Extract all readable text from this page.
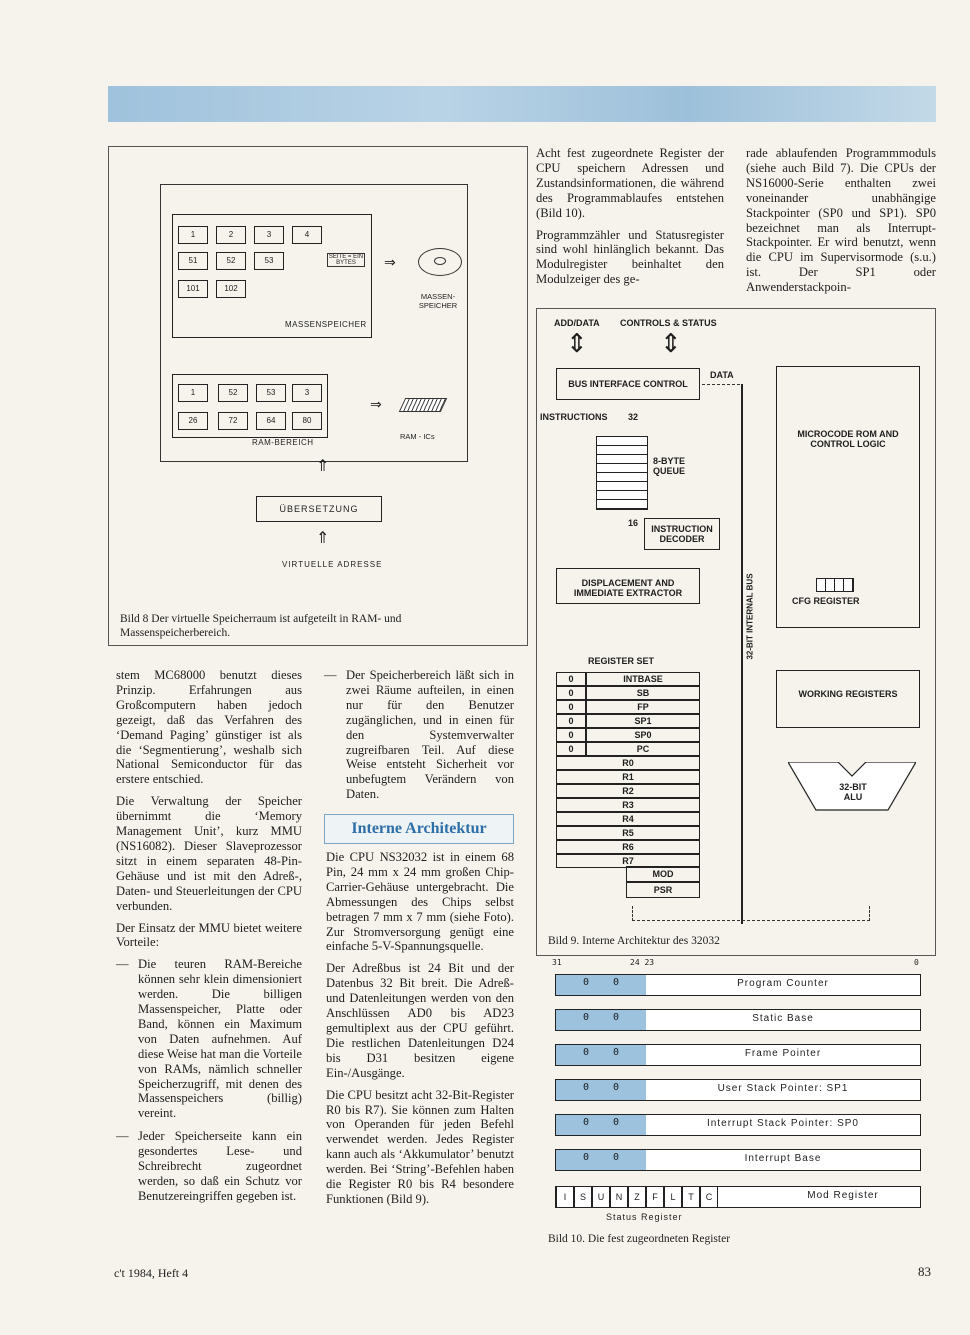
1	2	3	4
51	52	53
101	102
SEITE = EIN BYTES
MASSENSPEICHER
⇒
MASSEN-SPEICHER
1	52	53	3
26	72	64	80
RAM-BEREICH
⇒
RAM - ICs
⇑
ÜBERSETZUNG
⇑
VIRTUELLE ADRESSE
Bild 8 Der virtuelle Speicherraum ist aufgeteilt in RAM- und Massenspeicherbereich.

stem MC68000 benutzt dieses Prinzip. Erfahrungen aus Großcomputern haben jedoch gezeigt, daß das Verfahren des ‘Demand Paging’ günstiger ist als die ‘Segmentierung’, weshalb sich National Semiconductor für das erstere entschied.

Die Verwaltung der Speicher übernimmt die ‘Memory Management Unit’, kurz MMU (NS16082). Dieser Slaveprozessor sitzt in einem separaten 48-Pin-Gehäuse und ist mit den Adreß-, Daten- und Steuerleitungen der CPU verbunden.

Der Einsatz der MMU bietet weitere Vorteile:

— Die teuren RAM-Bereiche können sehr klein dimensioniert werden. Die billigen Massenspeicher, Platte oder Band, können ein Maximum von Daten aufnehmen. Auf diese Weise hat man die Vorteile von RAMs, nämlich schneller Speicherzugriff, mit denen des Massenspeichers (billig) vereint.

— Jeder Speicherseite kann ein gesondertes Lese- und Schreibrecht zugeordnet werden, so daß ein Schutz vor Benutzereingriffen gegeben ist.

— Der Speicherbereich läßt sich in zwei Räume aufteilen, in einen nur für den Benutzer zugänglichen, und in einen für den Systemverwalter zugreifbaren Teil. Auf diese Weise entsteht Sicherheit vor unbefugtem Verändern von Daten.

Interne Architektur

Die CPU NS32032 ist in einem 68 Pin, 24 mm x 24 mm großen Chip-Carrier-Gehäuse untergebracht. Die Abmessungen des Chips selbst betragen 7 mm x 7 mm (siehe Foto). Zur Stromversorgung genügt eine einfache 5-V-Spannungsquelle.

Der Adreßbus ist 24 Bit und der Datenbus 32 Bit breit. Die Adreß- und Datenleitungen werden von den Anschlüssen AD0 bis AD23 gemultiplext aus der CPU geführt. Die restlichen Datenleitungen D24 bis D31 besitzen eigene Ein-/Ausgänge.

Die CPU besitzt acht 32-Bit-Register R0 bis R7). Sie können zum Halten von Operanden für jeden Befehl verwendet werden. Jedes Register kann auch als ‘Akkumulator’ benutzt werden. Bei ‘String’-Befehlen haben die Register R0 bis R4 besondere Funktionen (Bild 9).

Acht fest zugeordnete Register der CPU speichern Adressen und Zustandsinformationen, die während des Programmablaufes entstehen (Bild 10).

Programmzähler und Statusregister sind wohl hinlänglich bekannt. Das Modulregister beinhaltet den Modulzeiger des ge-

rade ablaufenden Programmmoduls (siehe auch Bild 7). Die CPUs der NS16000-Serie enthalten zwei voneinander unabhängige Stackpointer (SP0 und SP1). SP0 bezeichnet man als Interrupt-Stackpointer. Er wird benutzt, wenn die CPU im Supervisormode (s.u.) ist. Der SP1 oder Anwenderstackpoin-

ADD/DATA CONTROLS & STATUS
⇕	⇕
BUS INTERFACE CONTROL
DATA
INSTRUCTIONS 32
8-BYTE QUEUE
16
INSTRUCTION DECODER
DISPLACEMENT AND IMMEDIATE EXTRACTOR	32-BIT INTERNAL BUS
MICROCODE ROM AND CONTROL LOGIC
CFG REGISTER
REGISTER SET
0	INTBASE
0	SB
0	FP
0	SP1
0	SP0
0	PC
R0
R1
R2
R3
R4
R5
R6
R7
MOD
PSR
WORKING REGISTERS
32-BIT ALU
Bild 9. Interne Architektur des 32032
31	24 23	0
0 0	Program Counter
0 0	Static Base
0 0	Frame Pointer
0 0	User Stack Pointer: SP1
0 0	Interrupt Stack Pointer: SP0
0 0	Interrupt Base
I	S	U	N	Z	F	L	T	C	Mod Register
Status Register
Bild 10. Die fest zugeordneten Register
c't 1984, Heft 4	83
